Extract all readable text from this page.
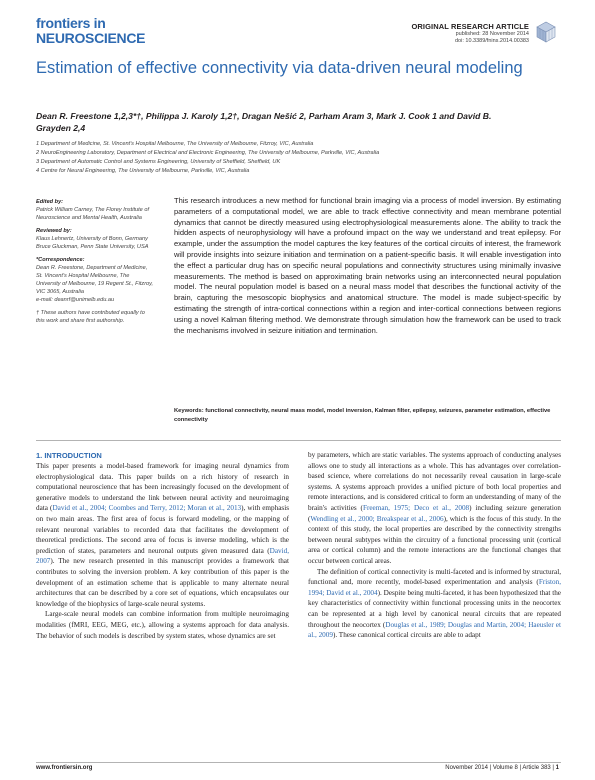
frontiers in
NEUROSCIENCE
ORIGINAL RESEARCH ARTICLE
published: 28 November 2014
doi: 10.3389/fnins.2014.00383
Estimation of effective connectivity via data-driven neural modeling
Dean R. Freestone 1,2,3*†, Philippa J. Karoly 1,2†, Dragan Nešić 2, Parham Aram 3, Mark J. Cook 1 and David B. Grayden 2,4
1 Department of Medicine, St. Vincent's Hospital Melbourne, The University of Melbourne, Fitzroy, VIC, Australia
2 NeuroEngineering Laboratory, Department of Electrical and Electronic Engineering, The University of Melbourne, Parkville, VIC, Australia
3 Department of Automatic Control and Systems Engineering, University of Sheffield, Sheffield, UK
4 Centre for Neural Engineering, The University of Melbourne, Parkville, VIC, Australia
Edited by:
Patrick William Carney, The Florey Institute of Neuroscience and Mental Health, Australia
Reviewed by:
Klaus Lehnertz, University of Bonn, Germany
Bruce Gluckman, Penn State University, USA
*Correspondence:
Dean R. Freestone, Department of Medicine, St. Vincent's Hospital Melbourne, The University of Melbourne, 19 Regent St., Fitzroy, VIC 3065, Australia
e-mail: deanrf@unimelb.edu.au
† These authors have contributed equally to this work and share first authorship.

This research introduces a new method for functional brain imaging via a process of model inversion. By estimating parameters of a computational model, we are able to track effective connectivity and mean membrane potential dynamics that cannot be directly measured using electrophysiological measurements alone. The ability to track the hidden aspects of neurophysiology will have a profound impact on the way we understand and treat epilepsy. For example, under the assumption the model captures the key features of the cortical circuits of interest, the framework will provide insights into seizure initiation and termination on a patient-specific basis. It will enable investigation into the effect a particular drug has on specific neural populations and connectivity structures using minimally invasive measurements. The method is based on approximating brain networks using an interconnected neural population model. The neural population model is based on a neural mass model that describes the functional activity of the brain, capturing the mesoscopic biophysics and anatomical structure. The model is made subject-specific by estimating the strength of intra-cortical connections within a region and inter-cortical connections between regions using a novel Kalman filtering method. We demonstrate through simulation how the framework can be used to track the mechanisms involved in seizure initiation and termination.

Keywords: functional connectivity, neural mass model, model inversion, Kalman filter, epilepsy, seizures, parameter estimation, effective connectivity
1. INTRODUCTION

This paper presents a model-based framework for imaging neural dynamics from electrophysiological data. This paper builds on a rich history of research in computational neuroscience that has been increasingly focused on the development of generative models to understand the link between neural activity and neuroimaging data (David et al., 2004; Coombes and Terry, 2012; Moran et al., 2013), with emphasis on two main areas. The first area of focus is forward modeling, or the mapping of relevant neuronal variables to recorded data that facilitates the development of theoretical predictions. The second area of focus is inverse modeling, which is the prediction of states, parameters and neuronal outputs given measured data (David, 2007). The new research presented in this manuscript provides a framework that contributes to solving the inversion problem. A key contribution of this paper is the development of an estimation scheme that is applicable to many alternate neural architectures that can be described by a core set of equations, which encapsulates our knowledge of the biophysics of large-scale neural systems.

Large-scale neural models can combine information from multiple neuroimaging modalities (fMRI, EEG, MEG, etc.), allowing a systems approach for data analysis. The behavior of such models is described by system states, whose dynamics are set

by parameters, which are static variables. The systems approach of conducting analyses allows one to study all interactions as a whole. This has advantages over correlation-based science, where correlations do not necessarily reveal causation in large-scale systems. A systems approach provides a unified picture of both local properties and remote interactions, and is considered critical to form an understanding of many of the brain's activities (Freeman, 1975; Deco et al., 2008) including seizure generation (Wendling et al., 2000; Breakspear et al., 2006), which is the focus of this study. In the context of this study, the local properties are described by the connectivity strengths between neural subtypes within the circuitry of a functional processing unit (cortical area or cortical column) and the remote interactions are the functional changes that occur between cortical areas.

The definition of cortical connectivity is multi-faceted and is informed by structural, functional and, more recently, model-based experimentation and analysis (Friston, 1994; David et al., 2004). Despite being multi-faceted, it has been hypothesized that the key characteristics of connectivity within functional processing units in the neocortex can be represented at a high level by canonical neural circuits that are repeated throughout the neocortex (Douglas et al., 1989; Douglas and Martin, 2004; Haeusler et al., 2009). These canonical cortical circuits are able to adapt

www.frontiersin.org	November 2014 | Volume 8 | Article 383 | 1
